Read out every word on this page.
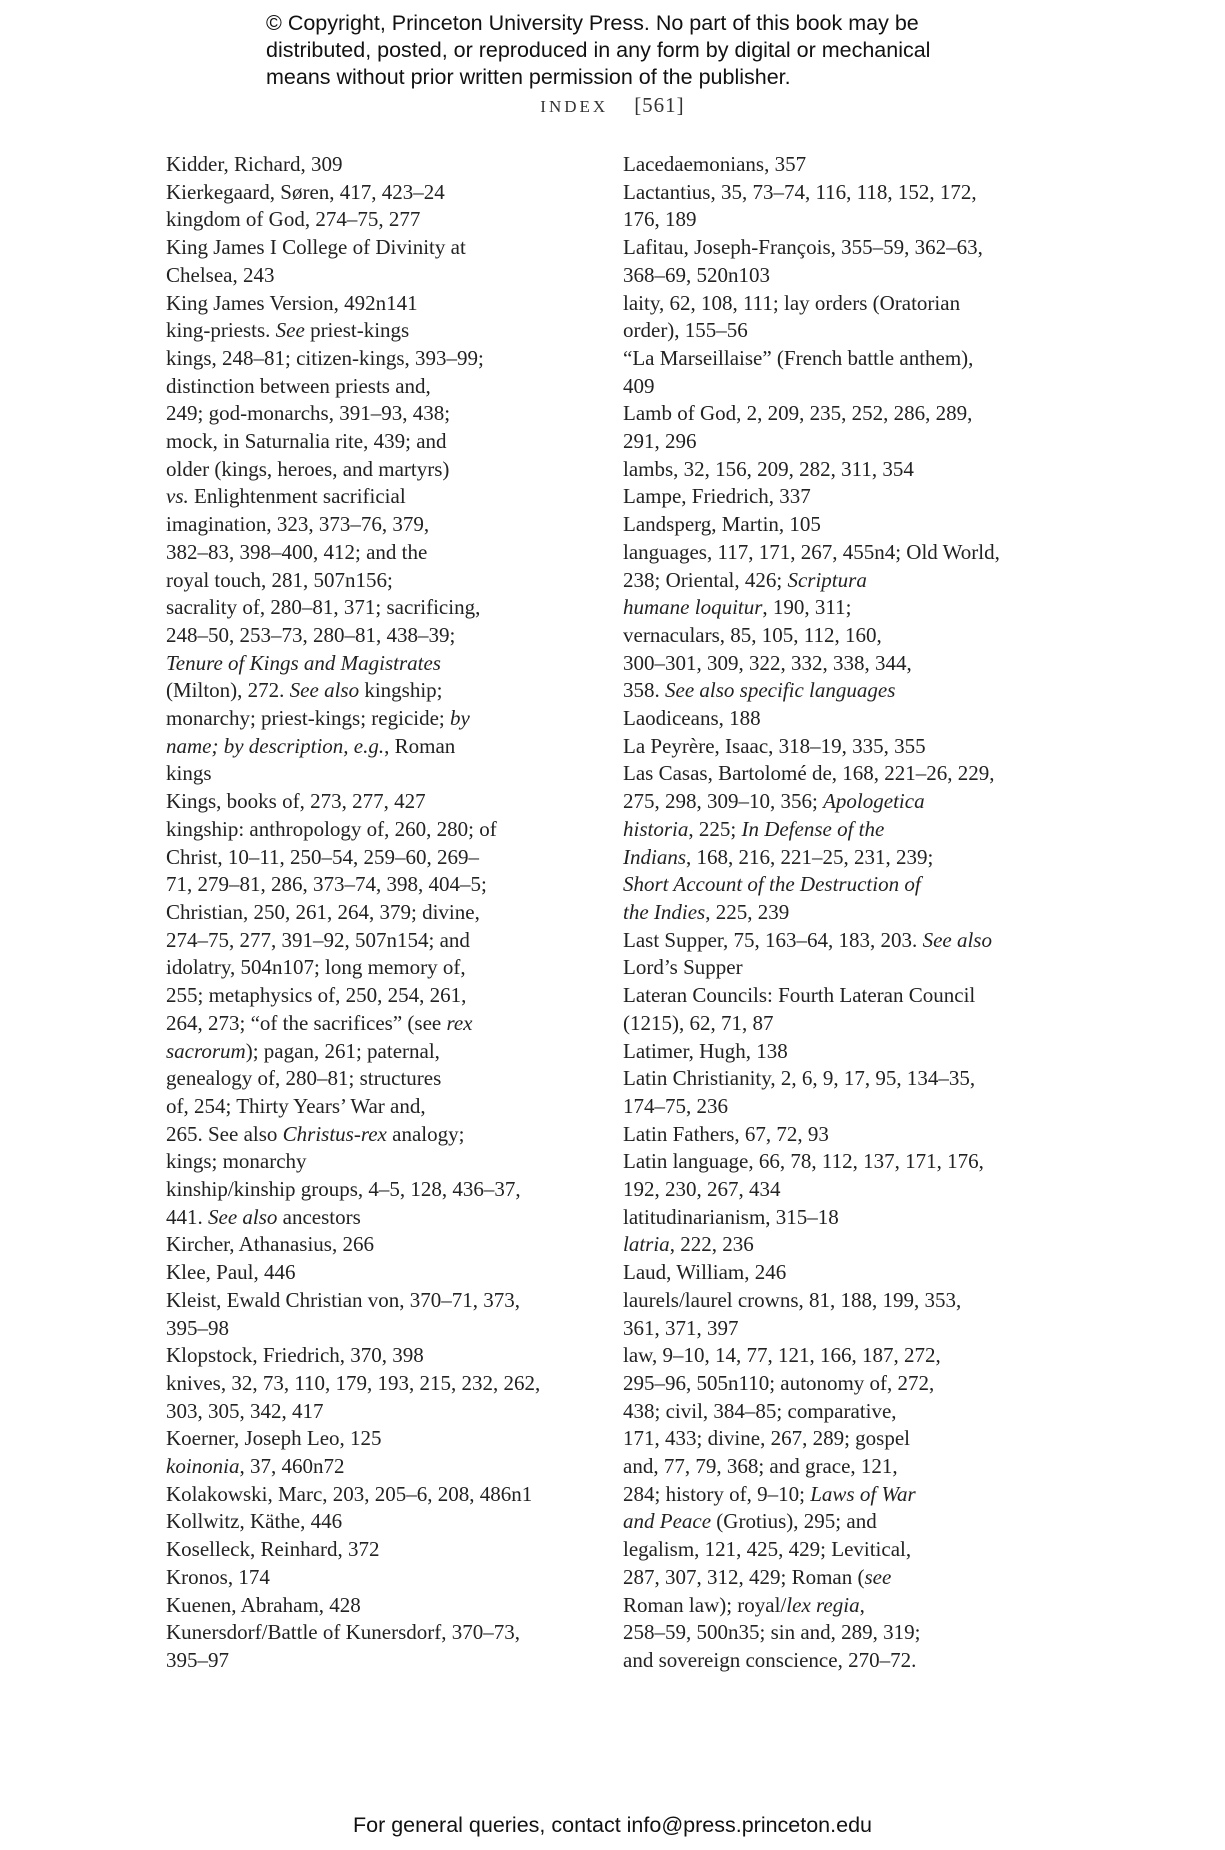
© Copyright, Princeton University Press. No part of this book may be

distributed, posted, or reproduced in any form by digital or mechanical

means without prior written permission of the publisher.

INDEX [561]

Kidder, Richard, 309

Kierkegaard, Søren, 417, 423–24

kingdom of God, 274–75, 277

King James I College of Divinity at
Chelsea, 243

King James Version, 492n141

king-priests. See priest-kings

kings, 248–81; citizen-kings, 393–99;
distinction between priests and,
249; god-monarchs, 391–93, 438;
mock, in Saturnalia rite, 439; and
older (kings, heroes, and martyrs)
vs. Enlightenment sacrificial
imagination, 323, 373–76, 379,
382–83, 398–400, 412; and the
royal touch, 281, 507n156;
sacrality of, 280–81, 371; sacrificing,
248–50, 253–73, 280–81, 438–39;
Tenure of Kings and Magistrates
(Milton), 272. See also kingship;
monarchy; priest-kings; regicide; by
name; by description, e.g., Roman
kings

Kings, books of, 273, 277, 427

kingship: anthropology of, 260, 280; of
Christ, 10–11, 250–54, 259–60, 269–
71, 279–81, 286, 373–74, 398, 404–5;
Christian, 250, 261, 264, 379; divine,
274–75, 277, 391–92, 507n154; and
idolatry, 504n107; long memory of,
255; metaphysics of, 250, 254, 261,
264, 273; “of the sacrifices” (see rex
sacrorum); pagan, 261; paternal,
genealogy of, 280–81; structures
of, 254; Thirty Years’ War and,
265. See also Christus-rex analogy;
kings; monarchy

kinship/kinship groups, 4–5, 128, 436–37,
441. See also ancestors

Kircher, Athanasius, 266

Klee, Paul, 446

Kleist, Ewald Christian von, 370–71, 373,
395–98

Klopstock, Friedrich, 370, 398

knives, 32, 73, 110, 179, 193, 215, 232, 262,
303, 305, 342, 417

Koerner, Joseph Leo, 125

koinonia, 37, 460n72

Kolakowski, Marc, 203, 205–6, 208, 486n1

Kollwitz, Käthe, 446

Koselleck, Reinhard, 372

Kronos, 174

Kuenen, Abraham, 428

Kunersdorf/Battle of Kunersdorf, 370–73,
395–97

Lacedaemonians, 357

Lactantius, 35, 73–74, 116, 118, 152, 172,
176, 189

Lafitau, Joseph-François, 355–59, 362–63,
368–69, 520n103

laity, 62, 108, 111; lay orders (Oratorian
order), 155–56

“La Marseillaise” (French battle anthem),
409

Lamb of God, 2, 209, 235, 252, 286, 289,
291, 296

lambs, 32, 156, 209, 282, 311, 354

Lampe, Friedrich, 337

Landsperg, Martin, 105

languages, 117, 171, 267, 455n4; Old World,
238; Oriental, 426; Scriptura
humane loquitur, 190, 311;
vernaculars, 85, 105, 112, 160,
300–301, 309, 322, 332, 338, 344,
358. See also specific languages

Laodiceans, 188

La Peyrère, Isaac, 318–19, 335, 355

Las Casas, Bartolomé de, 168, 221–26, 229,
275, 298, 309–10, 356; Apologetica
historia, 225; In Defense of the
Indians, 168, 216, 221–25, 231, 239;
Short Account of the Destruction of
the Indies, 225, 239

Last Supper, 75, 163–64, 183, 203. See also
Lord’s Supper

Lateran Councils: Fourth Lateran Council
(1215), 62, 71, 87

Latimer, Hugh, 138

Latin Christianity, 2, 6, 9, 17, 95, 134–35,
174–75, 236

Latin Fathers, 67, 72, 93

Latin language, 66, 78, 112, 137, 171, 176,
192, 230, 267, 434

latitudinarianism, 315–18

latria, 222, 236

Laud, William, 246

laurels/laurel crowns, 81, 188, 199, 353,
361, 371, 397

law, 9–10, 14, 77, 121, 166, 187, 272,
295–96, 505n110; autonomy of, 272,
438; civil, 384–85; comparative,
171, 433; divine, 267, 289; gospel
and, 77, 79, 368; and grace, 121,
284; history of, 9–10; Laws of War
and Peace (Grotius), 295; and
legalism, 121, 425, 429; Levitical,
287, 307, 312, 429; Roman (see
Roman law); royal/lex regia,
258–59, 500n35; sin and, 289, 319;
and sovereign conscience, 270–72.

For general queries, contact info@press.princeton.edu
